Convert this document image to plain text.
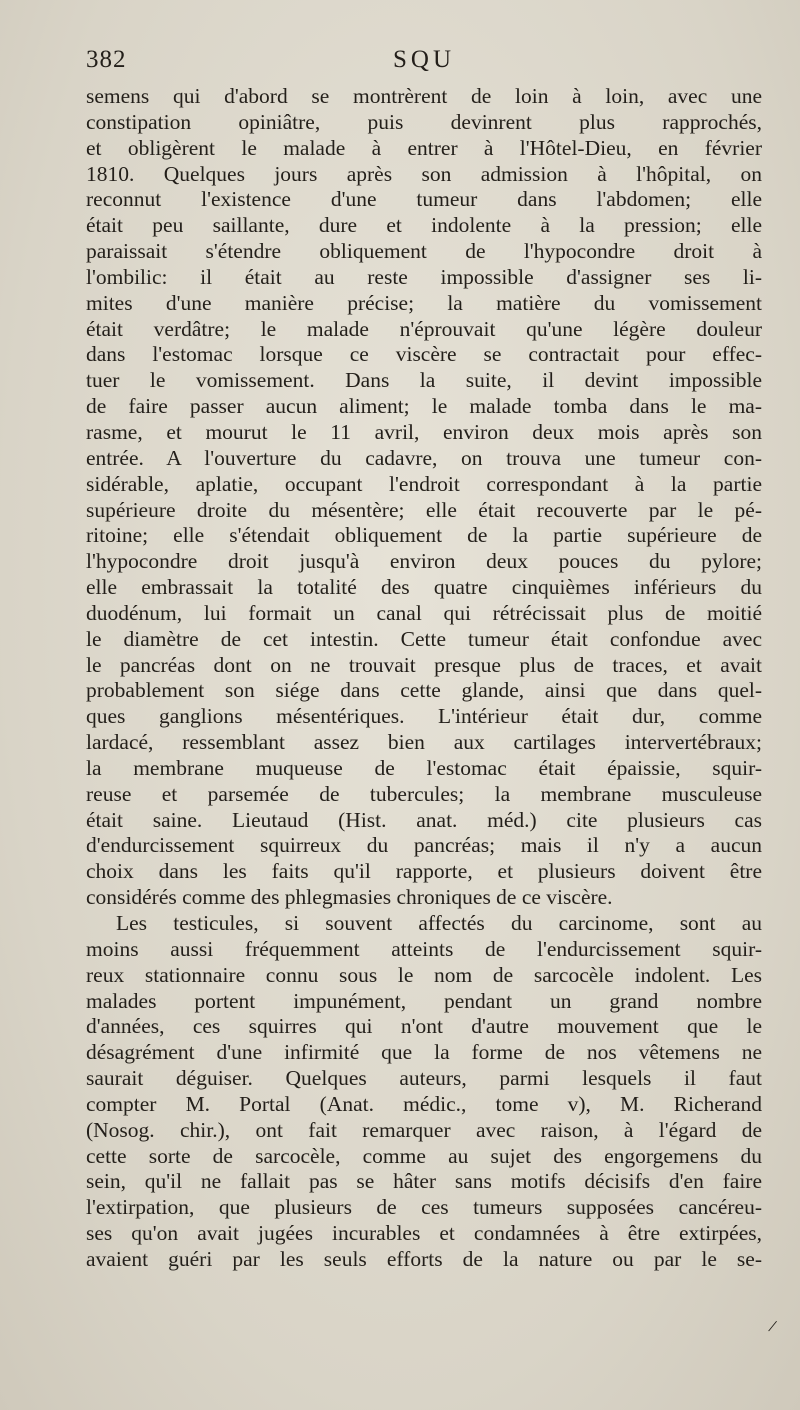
382	SQU
semens qui d'abord se montrèrent de loin à loin, avec une
constipation opiniâtre, puis devinrent plus rapprochés,
et obligèrent le malade à entrer à l'Hôtel-Dieu, en février
1810. Quelques jours après son admission à l'hôpital, on
reconnut l'existence d'une tumeur dans l'abdomen; elle
était peu saillante, dure et indolente à la pression; elle
paraissait s'étendre obliquement de l'hypocondre droit à
l'ombilic: il était au reste impossible d'assigner ses li-
mites d'une manière précise; la matière du vomissement
était verdâtre; le malade n'éprouvait qu'une légère douleur
dans l'estomac lorsque ce viscère se contractait pour effec-
tuer le vomissement. Dans la suite, il devint impossible
de faire passer aucun aliment; le malade tomba dans le ma-
rasme, et mourut le 11 avril, environ deux mois après son
entrée. A l'ouverture du cadavre, on trouva une tumeur con-
sidérable, aplatie, occupant l'endroit correspondant à la partie
supérieure droite du mésentère; elle était recouverte par le pé-
ritoine; elle s'étendait obliquement de la partie supérieure de
l'hypocondre droit jusqu'à environ deux pouces du pylore;
elle embrassait la totalité des quatre cinquièmes inférieurs du
duodénum, lui formait un canal qui rétrécissait plus de moitié
le diamètre de cet intestin. Cette tumeur était confondue avec
le pancréas dont on ne trouvait presque plus de traces, et avait
probablement son siége dans cette glande, ainsi que dans quel-
ques ganglions mésentériques. L'intérieur était dur, comme
lardacé, ressemblant assez bien aux cartilages intervertébraux;
la membrane muqueuse de l'estomac était épaissie, squir-
reuse et parsemée de tubercules; la membrane musculeuse
était saine. Lieutaud (Hist. anat. méd.) cite plusieurs cas
d'endurcissement squirreux du pancréas; mais il n'y a aucun
choix dans les faits qu'il rapporte, et plusieurs doivent être
considérés comme des phlegmasies chroniques de ce viscère.
Les testicules, si souvent affectés du carcinome, sont au
moins aussi fréquemment atteints de l'endurcissement squir-
reux stationnaire connu sous le nom de sarcocèle indolent. Les
malades portent impunément, pendant un grand nombre
d'années, ces squirres qui n'ont d'autre mouvement que le
désagrément d'une infirmité que la forme de nos vêtemens ne
saurait déguiser. Quelques auteurs, parmi lesquels il faut
compter M. Portal (Anat. médic., tome v), M. Richerand
(Nosog. chir.), ont fait remarquer avec raison, à l'égard de
cette sorte de sarcocèle, comme au sujet des engorgemens du
sein, qu'il ne fallait pas se hâter sans motifs décisifs d'en faire
l'extirpation, que plusieurs de ces tumeurs supposées cancéreu-
ses qu'on avait jugées incurables et condamnées à être extirpées,
avaient guéri par les seuls efforts de la nature ou par le se-
/
